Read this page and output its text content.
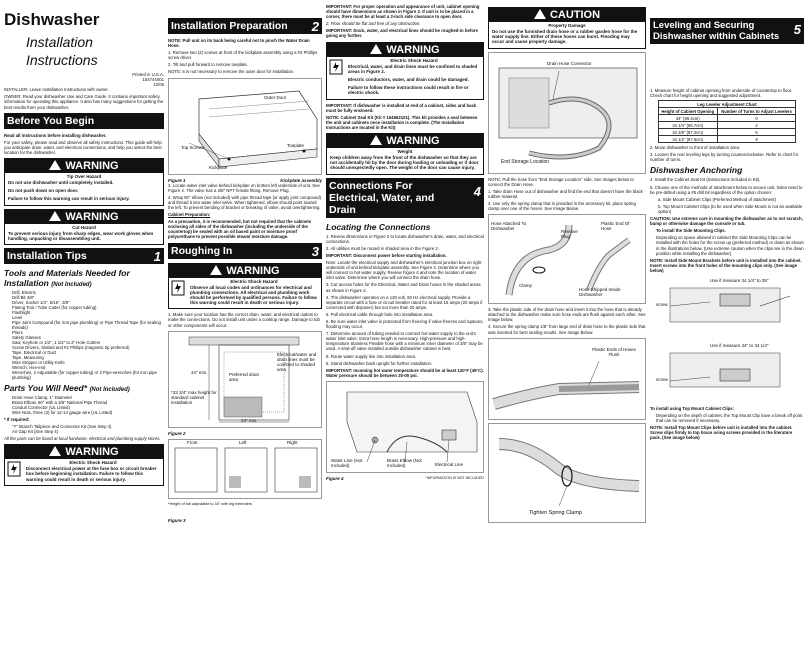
Dishwasher
Installation
Instructions
Printed in U.S.A.
154744001
12/06

INSTALLER: Leave Installation Instructions with owner.

OWNER: Read your dishwasher Use and Care Guide. It contains important safety information for operating this appliance. It also has many suggestions for getting the best results from your dishwasher.

Before You Begin

Read all instructions before installing dishwasher.

For your safety, please read and observe all safety instructions. This guide will help you anticipate drain, water, and electrical connections, and help you select the best location for the dishwasher.

WARNING
Tip Over Hazard

Do not use dishwasher until completely installed.

Do not push down on open door.

Failure to follow this warning can result in serious injury.

WARNING
Cut Hazard

To prevent serious injury from sharp edges, wear work gloves when handling, unpacking or disassembling unit.

Installation Tips	1
Tools and Materials Needed for Installation (Not Included)
• Drill, Electric
• Drill Bit 3/8"
• Driver, Socket 1/4", 5/16", 3/8"
• Flaring Tool / Tube Cutter (for copper tubing)
• Flashlight
• Level
• Pipe Joint Compound (for iron pipe plumbing) or Pipe Thread Tape (for sealing threads)
• Pliers
• Safety Glasses
• Saw, Keyhole or 1/2", 1 1/2" to 2" Hole Cutters
• Screw Drivers, Slotted and #2 Phillips (magnetic tip preferred)
• Tape, Electrical or Duct
• Tape, Measuring
• Wire Stripper or Utility Knife
• Wrench, Hex-end
• Wrenches, 2 Adjustable (for copper tubing) or 2 Pipe-wrenches (for iron pipe plumbing)
Parts You Will Need* (Not Included)
• Drain Hose Clamp, 1" Diameter
• Brass Elbow, 90° with a 3/8" National Pipe Thread
• Conduit Connector (UL Listed)
• Wire Nuts, three (3) for 12-14 gauge wire (UL Listed)

* If required:

• "Y" Branch Tailpiece and Connector Kit (See Step 4)
• Air Gap Kit (See Step 4)

All the parts can be found at local hardware, electrical and plumbing supply stores.

WARNING
Electric Shock Hazard

Disconnect electrical power at the fuse box or circuit breaker box before beginning installation. Failure to follow this warning could result in death or serious injury.

Installation Preparation 2

NOTE: Pull unit on its back being careful not to pinch the Water Drain Hose.

1. Remove two (2) screws at front of the kickplate assembly using a #2 Phillips screw driver.

2. Tilt and pull forward to remove toeplate.

NOTE: It is not necessary to remove the outer door for installation.

Outer Door
Top Screws
Kickplate
Toeplate
Figure 1	Kickplate assembly

3. Locate water inlet valve behind kickplate on bottom left underside of unit. See Figure 4. The valve has a 3/8" NPT female fitting. Remove Plug.

4. Wrap 90° elbow (not included) with pipe thread tape (or apply joint compound) and thread it into water inlet valve. When tightened, elbow should point toward the left. To prevent bending of bracket or breaking of valve, avoid overtightening.

Cabinet Preparation:

As a precaution, it is recommended, but not required that the cabinets enclosing all sides of the dishwasher (including the underside of the countertop) be sealed with an oil based paint or moisture proof polyurethane to prevent possible steam/ moisture damage.

Roughing In	3
WARNING
Electric Shock Hazard

Observe all local codes and ordinances for electrical and plumbing connections. All electrical and plumbing work should be performed by qualified persons. Failure to follow this warning could result in death or serious injury.

1. Make sure your location has the correct drain, water, and electrical outlets to make the connections. Do not install unit under a cooktop range. Damage to tub or other components will occur.

Electrical/water and drain lines must be confined to shaded area
Preferred drain area
34" min.
24" min.
*33 3/4" max height for standard cabinet installation
Figure 2
Front	Left	Right

*Height of tub adjustable to 34" with leg extenders

Figure 3

IMPORTANT: For proper operation and appearance of unit, cabinet opening should have dimensions as shown in Figure 2. If unit is to be placed in a corner, there must be at least a 2-inch side clearance to open door.

2. Floor should be flat and free of any obstruction.

IMPORTANT: Drain, water, and electrical lines should be roughed-in before going any further.

WARNING
Electric Shock Hazard

Electrical, water, and drain lines must be confined to shaded areas in Figure 2.

Electric conductors, water, and drain could be damaged.

Failure to follow these instructions could result in fire or electric shock.

IMPORTANT: If dishwasher is installed at end of a cabinet, sides and back must be fully enclosed.

NOTE: Cabinet Seal Kit (Kit # 154662101). This kit provides a seal between the unit and cabinets once installation is complete. (The Installation Instructions are located in the Kit)

WARNING
Weight

Keep children away from the front of the dishwasher so that they are not accidentally hit by the door during loading or unloading or if door should unexpectedly open. The weight of the door can cause injury.

Connections For Electrical, Water, and Drain
4
Locating the Connections

1. Review dimensions in Figure 2 to locate dishwasher's drain, water, and electrical connections.

2. All utilities must be routed in shaded area in the Figure 2.

IMPORTANT: Disconnect power before starting installation.

Note: Locate the electrical supply and dishwasher's electrical junction box on right underside of unit behind kickplate assembly. See Figure 4. Determine where you will connect to hot water supply. Review Figure 4 and note the location of water inlet valve. Determine where you will connect the drain hose.

3. Cut access holes for the Electrical, Water and Drain hoses in the shaded areas as shown in Figure 2.

4. The dishwasher operates on a 120 volt, 60 Hz electrical supply. Provide a separate circuit with a fuse or circuit breaker rated for at least 15 amps (20 amps if connected with disposer) but not more than 20 amps.

5. Pull electrical cable through hole into installation area.

6. Be sure water inlet valve is protected from freezing if valve freezes and ruptures, flooding may occur.

7. Determine amount of tubing needed to connect hot water supply to the unit's water inlet valve. Extra hose length is necessary. High-pressure and high-temperature Stainless Flexible hose with a minimum inner diameter of 3/8" may be used. A shut-off valve installed outside dishwasher cabinet is best.

8. Route water supply line into installation area.

9. Stand dishwasher back upright for further installation.

IMPORTANT: Incoming hot water temperature should be at least 120°F (49°C). Water pressure should be between 20-00 psi.

Water Line (Not Included)
Brass Elbow (Not Included)	Electrical Line
Figure 4	*INFORMATION IS NOT INCLUDED
CAUTION
Property Damage

Do not use the furnished drain hose or a rubber garden hose for the water supply line. Either of these hoses can burst. Flooding may occur and cause property damage.

Drain Hose Connector
End Storage Location

NOTE: Pull the hose from "End Storage Location" side. See images below to connect the Drain Hose.

1. Take drain Hose out of dishwasher and find the end that doesn't have the black rubber material.

2. Use only the spring clamp that is provided in the accessory kit, place spring clamp over one of the hoses. See Image Below.

Hose Attached To Dishwasher
Remove Plug
Plastic End Of Hose
Clamp
Hose Shipped Inside Dishwasher

3. Take the plastic side of the drain hose and insert it into the hose that is already attached to the dishwasher make sure hose ends are flush against each other. See Image below.

4. Secure the spring clamp 1/8" from large end of drain hose to the plastic side that was inserted for best sealing results. See Image Below.

Plastic Ends of Hoses Flush
Tighten Spring Clamp
Leveling and Securing Dishwasher within Cabinets 5

1. Measure height of cabinet opening from underside of countertop to floor. Check chart for height opening and suggested adjustment.

Leg Leveler Adjustment Chart	
Height of Cabinet Opening	Number of Turns to Adjust Levelers
34" (86.4cm)	0
34 1/4" (86.7cm)	2
34 3/8" (87.2cm)	6
34 1/2" (87.6cm)	9

2. Move dishwasher to front of installation area.

3. Loosen the rear leveling legs by turning counterclockwise. Refer to chart for number of turns.

Dishwasher Anchoring

4. Install the Cabinet Seal Kit (Instructions included in Kit).

5. Choose one of the methods of attachment below to secure unit, holes need to be pre-drilled using a #5 drill bit regardless of the option chosen:

a. Side Mount Cabinet Clips (Preferred Method of attachment)

b. Top Mount Cabinet Clips (to be used when Side Mount is not an available option)

CAUTION: Use extreme care in mounting the dishwasher as to not scratch, bump or otherwise damage the console or tub.

To install the Side Mounting Clips.

Depending on space allowed in cabinet the Side Mounting Clips can be installed with the holes for the screw up (preferred method) or down as shown in the illustrations below. (Use extreme caution when the clips are in the down position while installing the dishwasher).

NOTE: Install Side Mount Brackets before unit is installed into the cabinet. Insert screws into the front holes of the mounting clips only. (See image below)

Use if measure 34 1/4" to 35"
screw
Use if measure 34" to 34 1/4"
screw

To install using Top Mount Cabinet Clips:

Depending on the depth of cabinet, the Top Mount Clip have a break off point that can be removed if necessary.

NOTE: Install Top Mount Clips before unit is installed into the cabinet. Screw clips firmly to top brace using screws provided in the literature pack. (See image below)
